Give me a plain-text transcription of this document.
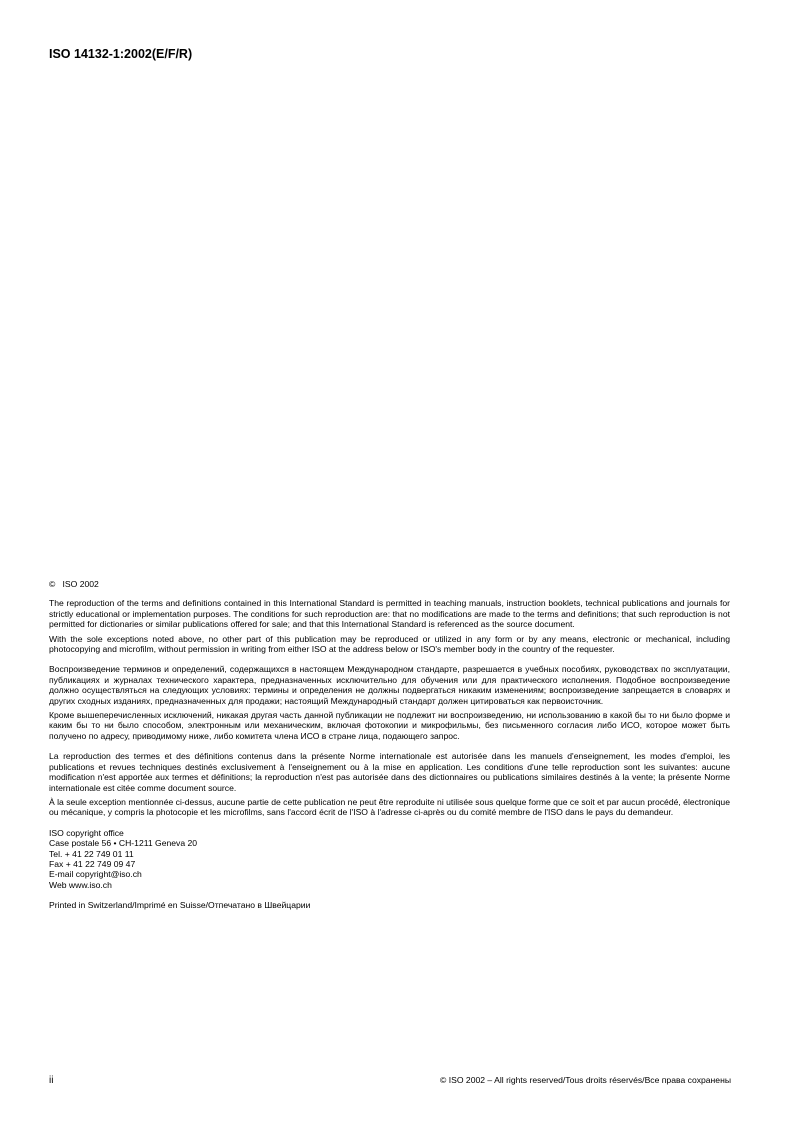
ISO 14132-1:2002(E/F/R)
© ISO 2002

The reproduction of the terms and definitions contained in this International Standard is permitted in teaching manuals, instruction booklets, technical publications and journals for strictly educational or implementation purposes. The conditions for such reproduction are: that no modifications are made to the terms and definitions; that such reproduction is not permitted for dictionaries or similar publications offered for sale; and that this International Standard is referenced as the source document.

With the sole exceptions noted above, no other part of this publication may be reproduced or utilized in any form or by any means, electronic or mechanical, including photocopying and microfilm, without permission in writing from either ISO at the address below or ISO's member body in the country of the requester.

Воспроизведение терминов и определений, содержащихся в настоящем Международном стандарте, разрешается в учебных пособиях, руководствах по эксплуатации, публикациях и журналах технического характера, предназначенных исключительно для обучения или для практического исполнения. Подобное воспроизведение должно осуществляться на следующих условиях: термины и определения не должны подвергаться никаким изменениям; воспроизведение запрещается в словарях и других сходных изданиях, предназначенных для продажи; настоящий Международный стандарт должен цитироваться как первоисточник.

Кроме вышеперечисленных исключений, никакая другая часть данной публикации не подлежит ни воспроизведению, ни использованию в какой бы то ни было форме и каким бы то ни было способом, электронным или механическим, включая фотокопии и микрофильмы, без письменного согласия либо ИСО, которое может быть получено по адресу, приводимому ниже, либо комитета члена ИСО в стране лица, подающего запрос.

La reproduction des termes et des définitions contenus dans la présente Norme internationale est autorisée dans les manuels d'enseignement, les modes d'emploi, les publications et revues techniques destinés exclusivement à l'enseignement ou à la mise en application. Les conditions d'une telle reproduction sont les suivantes: aucune modification n'est apportée aux termes et définitions; la reproduction n'est pas autorisée dans des dictionnaires ou publications similaires destinés à la vente; la présente Norme internationale est citée comme document source.

À la seule exception mentionnée ci-dessus, aucune partie de cette publication ne peut être reproduite ni utilisée sous quelque forme que ce soit et par aucun procédé, électronique ou mécanique, y compris la photocopie et les microfilms, sans l'accord écrit de l'ISO à l'adresse ci-après ou du comité membre de l'ISO dans le pays du demandeur.

ISO copyright office
Case postale 56 • CH-1211 Geneva 20
Tel. + 41 22 749 01 11
Fax + 41 22 749 09 47
E-mail copyright@iso.ch
Web www.iso.ch

Printed in Switzerland/Imprimé en Suisse/Отпечатано в Швейцарии

ii	© ISO 2002 – All rights reserved/Tous droits réservés/Все права сохранены
